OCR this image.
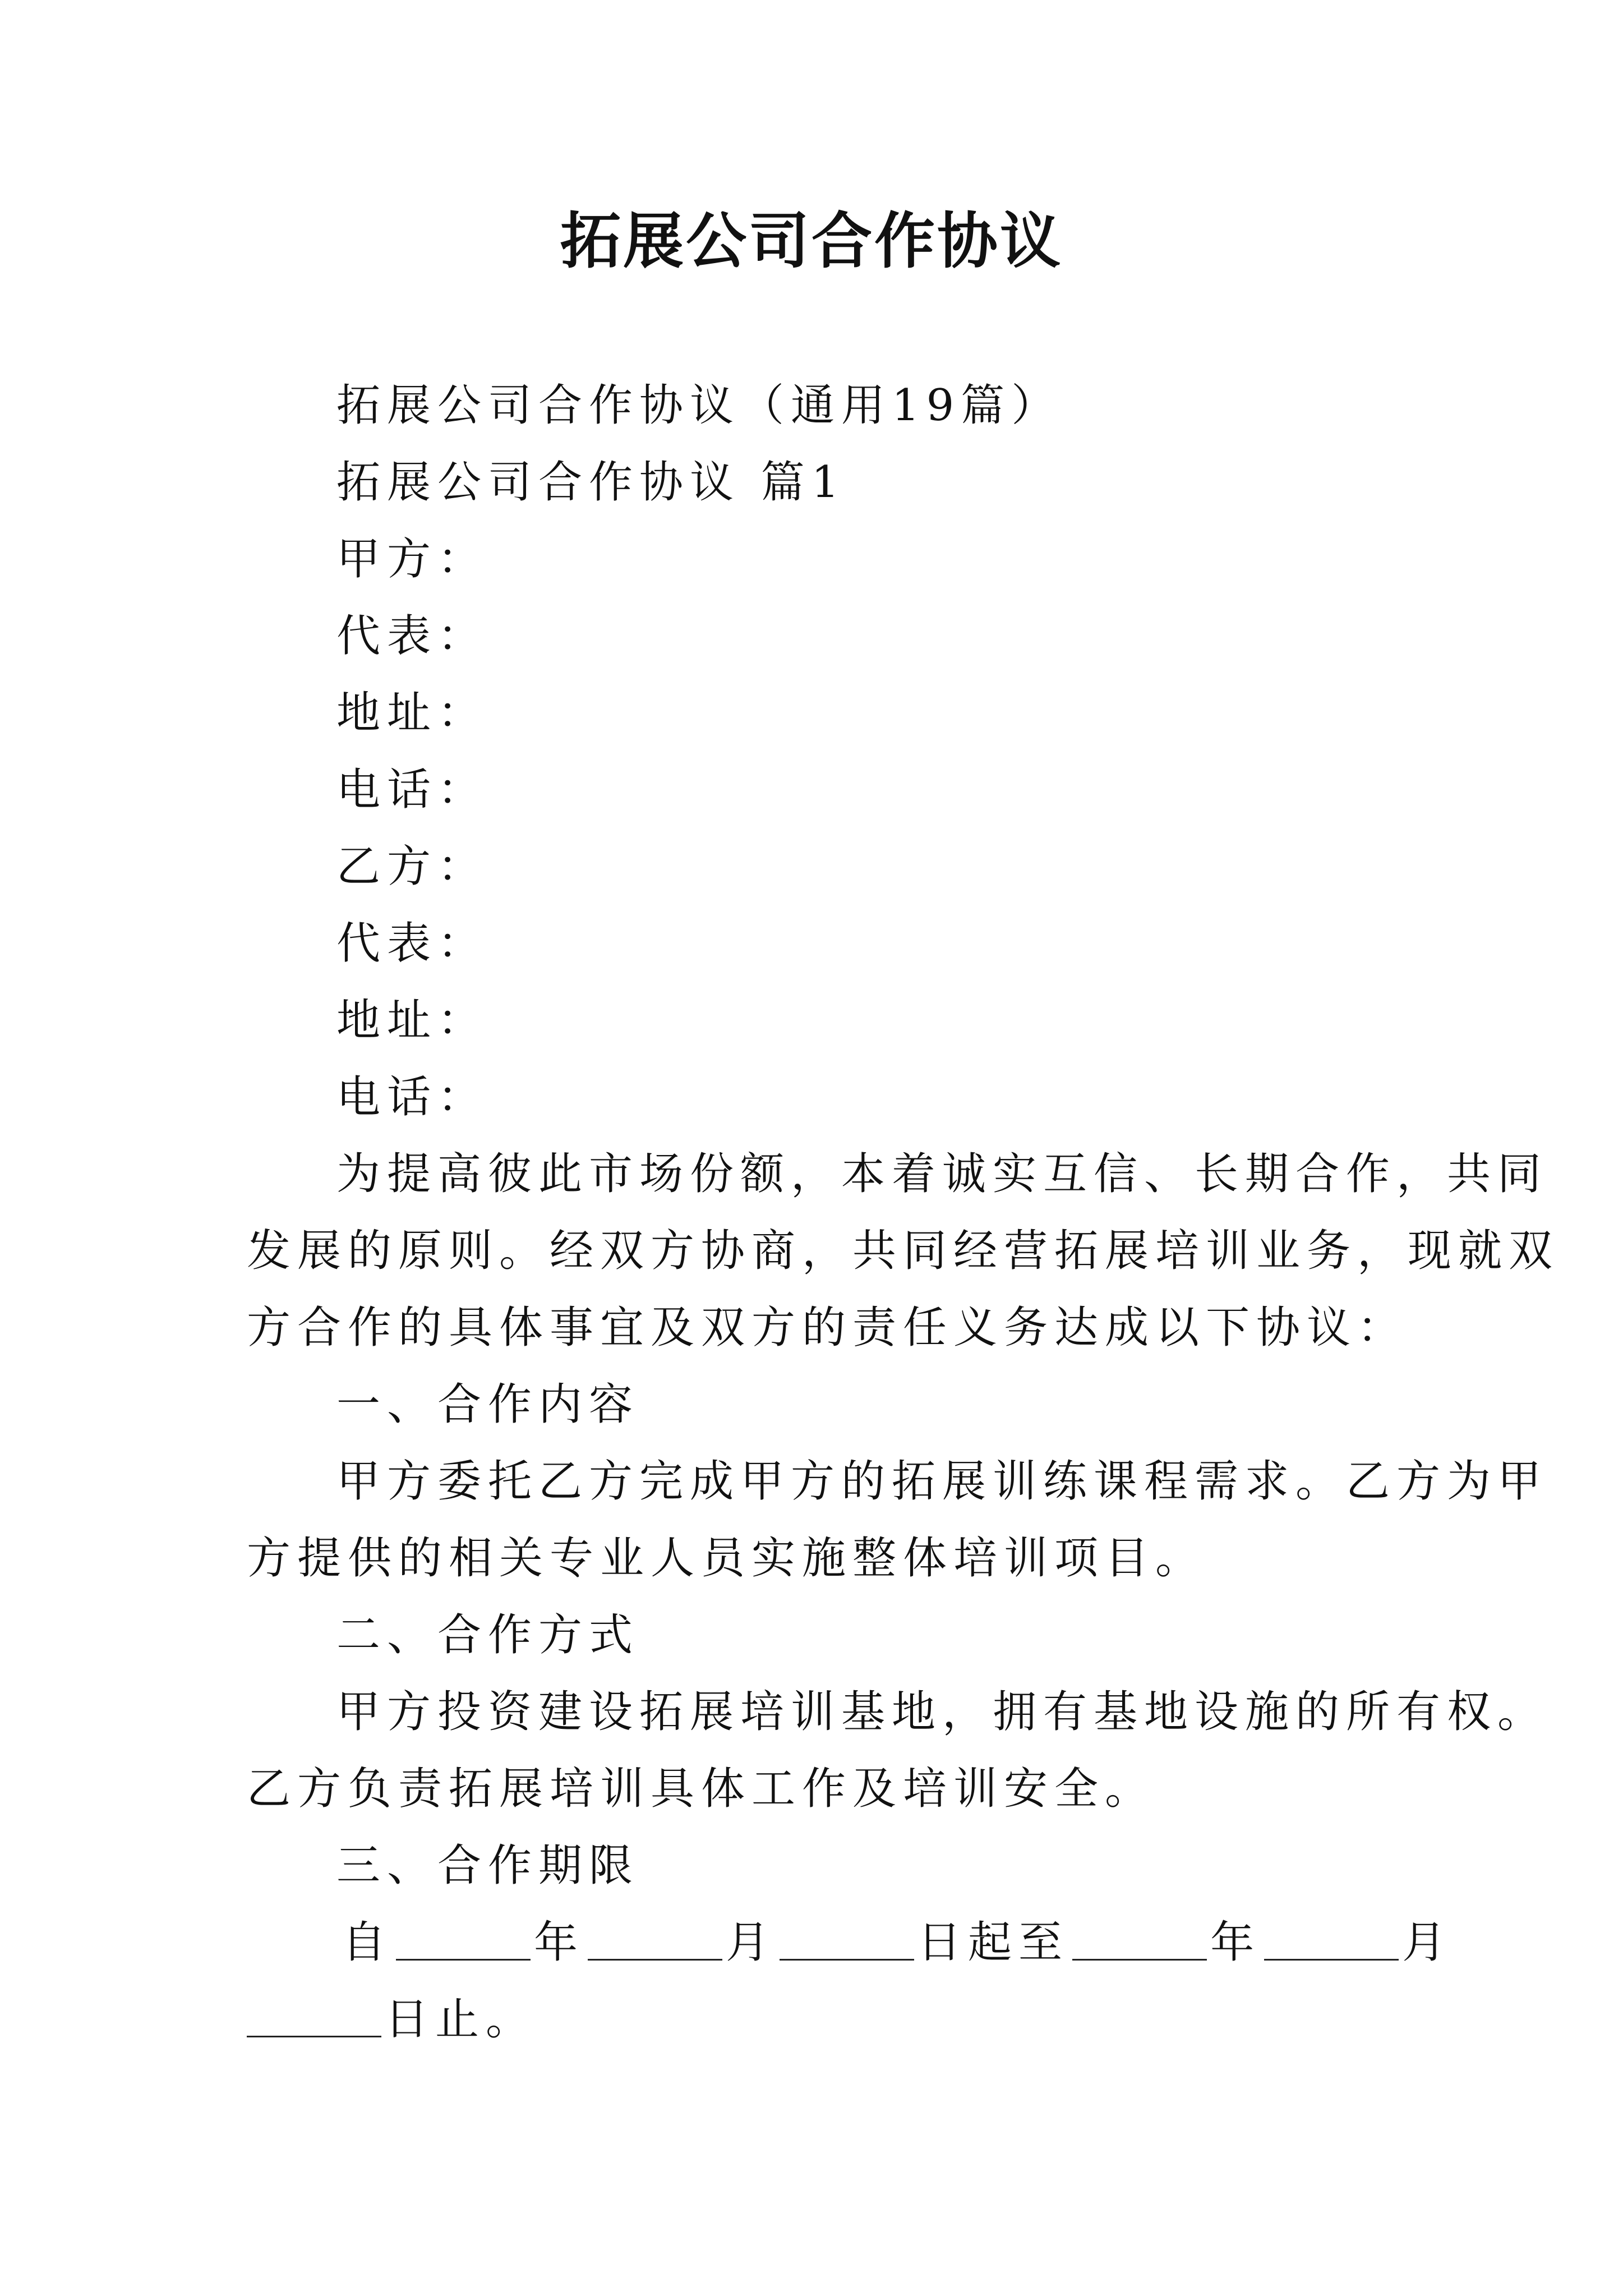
拓展公司合作协议
拓展公司合作协议（通用19篇）
拓展公司合作协议 篇1
甲方：
代表：
地址：
电话：
乙方：
代表：
地址：
电话：
为提高彼此市场份额，本着诚实互信、长期合作，共同
发展的原则。经双方协商，共同经营拓展培训业务，现就双
方合作的具体事宜及双方的责任义务达成以下协议：
一、合作内容
甲方委托乙方完成甲方的拓展训练课程需求。乙方为甲
方提供的相关专业人员实施整体培训项目。
二、合作方式
甲方投资建设拓展培训基地，拥有基地设施的所有权。
乙方负责拓展培训具体工作及培训安全。
三、合作期限
自	年	月	日起至	年	月
日止。
